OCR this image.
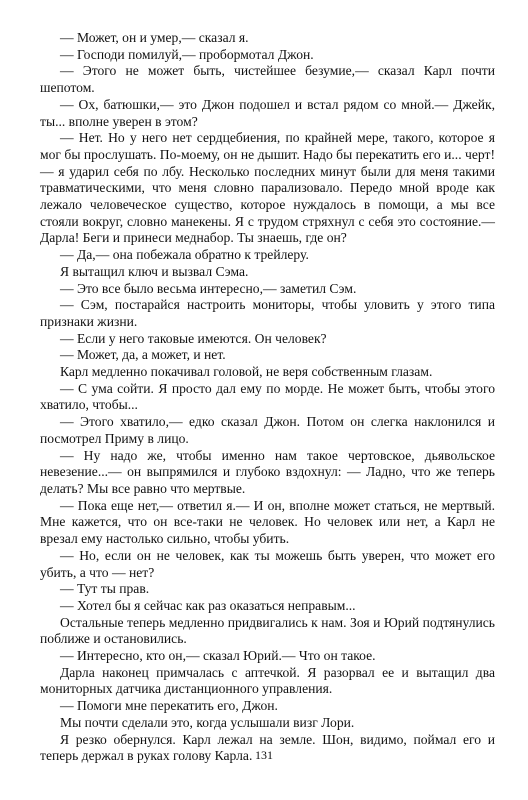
— Может, он и умер,— сказал я.

— Господи помилуй,— пробормотал Джон.

— Этого не может быть, чистейшее безумие,— сказал Карл почти шепотом.

— Ох, батюшки,— это Джон подошел и встал рядом со мной.— Джейк, ты... вполне уверен в этом?

— Нет. Но у него нет сердцебиения, по крайней мере, такого, которое я мог бы прослушать. По-моему, он не дышит. Надо бы перекатить его и... черт! — я ударил себя по лбу. Несколько последних минут были для меня такими травматическими, что меня словно парализовало. Передо мной вроде как лежало человеческое существо, которое нуждалось в помощи, а мы все стояли вокруг, словно манекены. Я с трудом стряхнул с себя это состояние.— Дарла! Беги и принеси меднабор. Ты знаешь, где он?

— Да,— она побежала обратно к трейлеру.

Я вытащил ключ и вызвал Сэма.

— Это все было весьма интересно,— заметил Сэм.

— Сэм, постарайся настроить мониторы, чтобы уловить у этого типа признаки жизни.

— Если у него таковые имеются. Он человек?

— Может, да, а может, и нет.

Карл медленно покачивал головой, не веря собственным глазам.

— С ума сойти. Я просто дал ему по морде. Не может быть, чтобы этого хватило, чтобы...

— Этого хватило,— едко сказал Джон. Потом он слегка наклонился и посмотрел Приму в лицо.

— Ну надо же, чтобы именно нам такое чертовское, дьявольское невезение...— он выпрямился и глубоко вздохнул: — Ладно, что же теперь делать? Мы все равно что мертвые.

— Пока еще нет,— ответил я.— И он, вполне может статься, не мертвый. Мне кажется, что он все-таки не человек. Но человек или нет, а Карл не врезал ему настолько сильно, чтобы убить.

— Но, если он не человек, как ты можешь быть уверен, что может его убить, а что — нет?

— Тут ты прав.

— Хотел бы я сейчас как раз оказаться неправым...

Остальные теперь медленно придвигались к нам. Зоя и Юрий подтянулись поближе и остановились.

— Интересно, кто он,— сказал Юрий.— Что он такое.

Дарла наконец примчалась с аптечкой. Я разорвал ее и вытащил два мониторных датчика дистанционного управления.

— Помоги мне перекатить его, Джон.

Мы почти сделали это, когда услышали визг Лори.

Я резко обернулся. Карл лежал на земле. Шон, видимо, поймал его и теперь держал в руках голову Карла. 131
